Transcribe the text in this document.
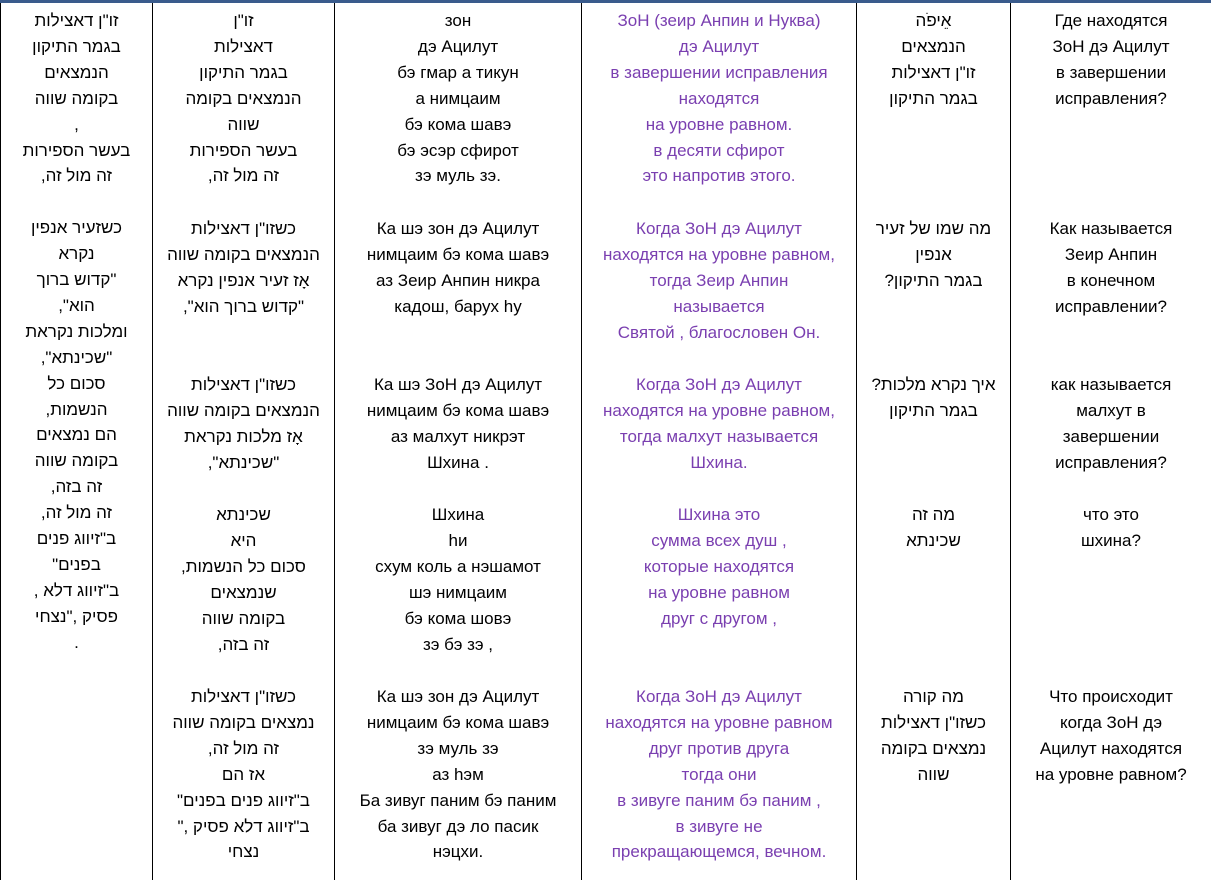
זו"ן דאצילות
בגמר התיקון
הנמצאים
בקומה שווה
,
בעשר הספירות
זה מול זה,
כשזעיר אנפין
נקרא
"קדוש ברוך
הוא",
ומלכות נקראת
"שכינתא",
סכום כל
הנשמות,
הם נמצאים
בקומה שווה
זה בזה,
זה מול זה,
ב"זיווג פנים
בפנים"
ב"זיווג דלא ,
פסיק ,"נצחי
.
זו"ן
דאצילות
בגמר התיקון
הנמצאים בקומה
שווה
בעשר הספירות
זה מול זה,
כשזו"ן דאצילות
הנמצאים בקומה שווה
אָז זעיר אנפין נקרא
"קדוש ברוך הוא",
כשזו"ן דאצילות
הנמצאים בקומה שווה
אָז מלכות נקראת
"שכינתא",
שכינתא
היא
סכום כל הנשמות,
שנמצאים
בקומה שווה
זה בזה,
כשזו"ן דאצילות
נמצאים בקומה שווה
זה מול זה,
אז הם
ב"זיווג פנים בפנים"
ב"זיווג דלא פסיק ,"
נצחי
зон
дэ Ацилут
бэ гмар а тикун
а нимцаим
бэ кома шавэ
бэ эсэр сфирот
зэ муль зэ.
Ка шэ зон дэ Ацилут
нимцаим бэ кома шавэ
аз Зеир Анпин никра
кадош, барух hу
Ка шэ ЗоН дэ Ацилут
нимцаим бэ кома шавэ
аз малхут никрэт
Шхина .
Шхина
hи
схум коль а нэшамот
шэ нимцаим
бэ кома шовэ
зэ бэ зэ ,
Ка шэ зон дэ Ацилут
нимцаим бэ кома шавэ
зэ муль зэ
аз hэм
Ба зивуг паним бэ паним
ба зивуг дэ ло пасик
нэцхи.
ЗоН (зеир Анпин и Нуква)
дэ Ацилут
в завершении исправления
находятся
на уровне равном.
в десяти сфирот
это напротив этого.
Когда ЗоН дэ Ацилут
находятся на уровне равном,
тогда Зеир Анпин
называется
Святой , благословен Он.
Когда ЗоН дэ Ацилут
находятся на уровне равном,
тогда малхут называется
Шхина.
Шхина это
сумма всех душ ,
которые находятся
на уровне равном
друг с другом ,
Когда ЗоН дэ Ацилут
находятся на уровне равном
друг против друга
тогда они
в зивуге паним бэ паним ,
в зивуге не
прекращающемся, вечном.
אֵיפֹה
הנמצאים
זו"ן דאצילות
בגמר התיקון
מה שמו של זעיר
אנפין
בגמר התיקון?
איך נקרא מלכות?
בגמר התיקון
מה זה
שכינתא
מה קורה
כשזו"ן דאצילות
נמצאים בקומה
שווה
Где находятся
ЗоН дэ Ацилут
в завершении
исправления?
Как называется
Зеир Анпин
в конечном
исправлении?
как называется
малхут в
завершении
исправления?
что это
шхина?
Что происходит
когда ЗоН дэ
Ацилут находятся
на уровне равном?
